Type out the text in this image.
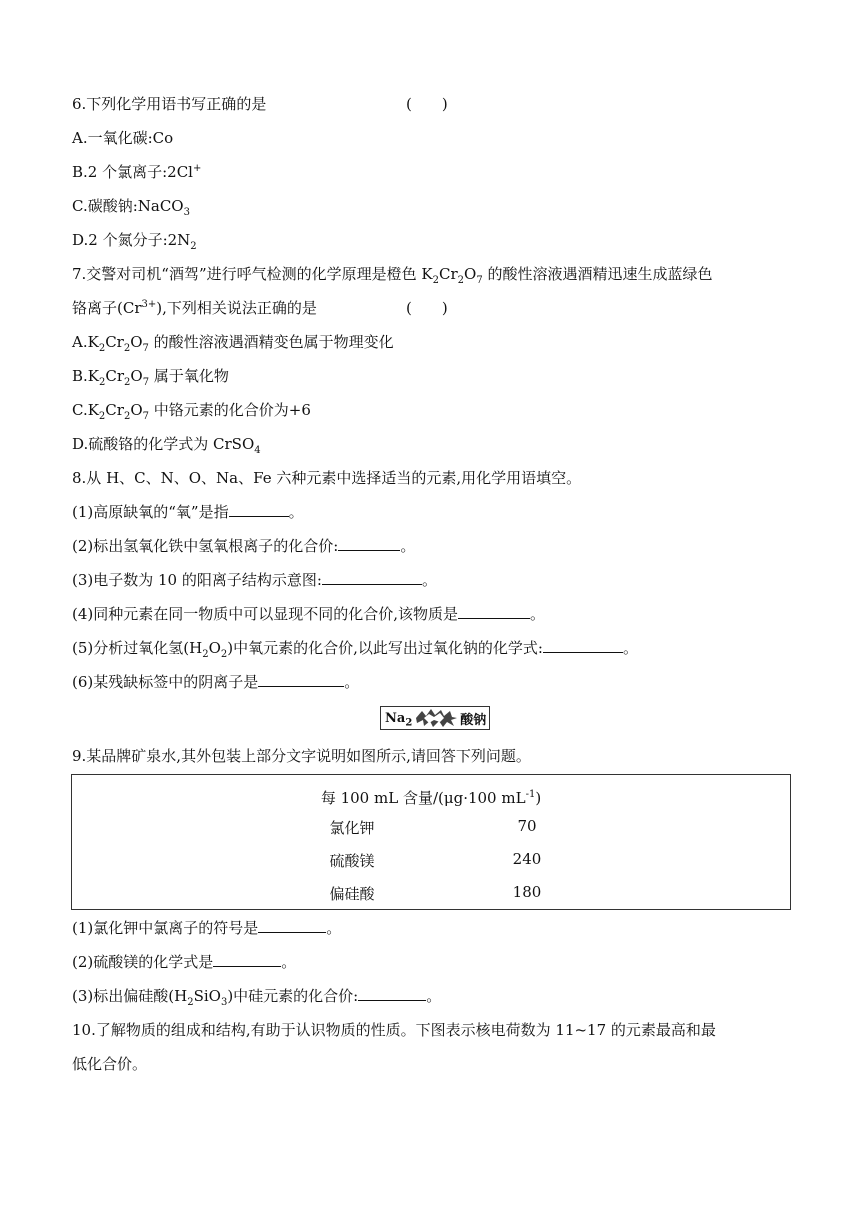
6.下列化学用语书写正确的是	(　　)
A.一氧化碳:Co
B.2 个氯离子:2Cl+
C.碳酸钠:NaCO$_3$
D.2 个氮分子$:2N_2$
7.交警对司机“酒驾”进行呼气检测的化学原理是橙色 $K_2Cr_2O_7$ 的酸性溶液遇酒精迅速生成蓝绿色
铬离子$(Cr^{3+})$,下列相关说法正确的是	(　　)
$A.K_2Cr_2O_7$ 的酸性溶液遇酒精变色属于物理变化
$B.K_2Cr_2O_7$ 属于氧化物
$C.K_2Cr_2O_7$ 中铬元素的化合价为+6
D.硫酸铬的化学式为 CrSO$_4$
8.从 H、C、N、O、Na、Fe 六种元素中选择适当的元素,用化学用语填空。
(1)高原缺氧的“氧”是指	。
(2)标出氢氧化铁中氢氧根离子的化合价:	。
(3)电子数为 10 的阳离子结构示意图:	。
(4)同种元素在同一物质中可以显现不同的化合价,该物质是	。
(5)分析过氧化氢$(H_2O_2)$中氧元素的化合价,以此写出过氧化钠的化学式:	。
(6)某残缺标签中的阴离子是	。
$Na_2$	酸钠
9.某品牌矿泉水,其外包装上部分文字说明如图所示,请回答下列问题。
每 100 mL 含量/(μg·100 $mL^{-1}$)
氯化钾	70
硫酸镁	240
偏硅酸	180
(1)氯化钾中氯离子的符号是	。
(2)硫酸镁的化学式是	。
(3)标出偏硅酸$(H_2SiO_3)$中硅元素的化合价:	。
10.了解物质的组成和结构,有助于认识物质的性质。下图表示核电荷数为 11~17 的元素最高和最
低化合价。
